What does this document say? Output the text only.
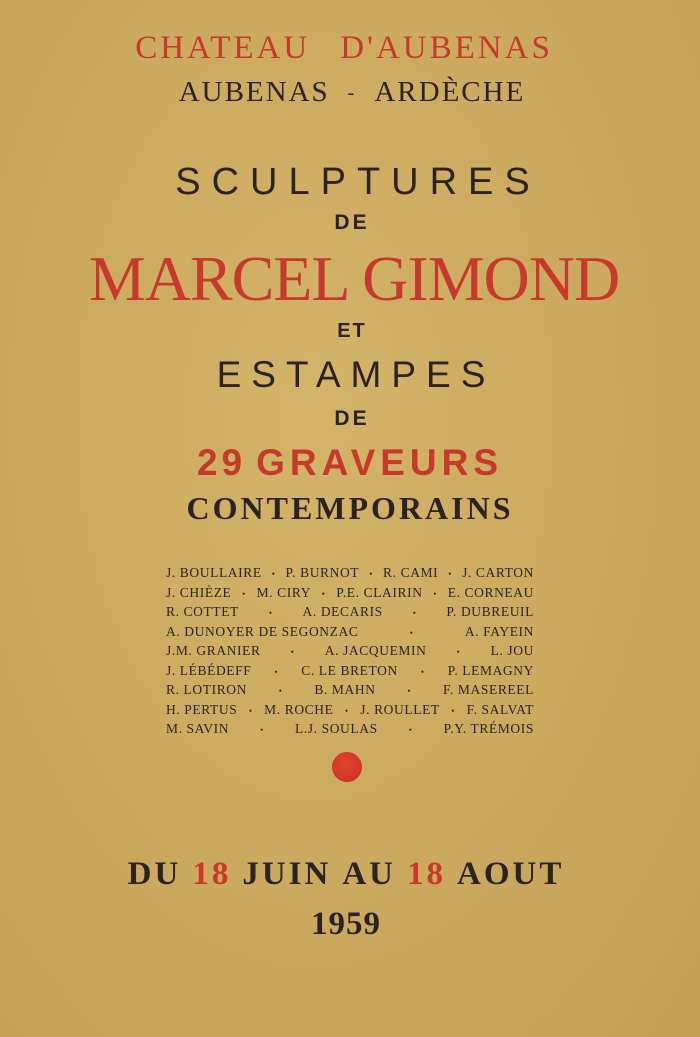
CHATEAU D'AUBENAS
AUBENAS - ARDÈCHE
SCULPTURES
DE
MARCEL GIMOND
ET
ESTAMPES
DE
29 GRAVEURS
CONTEMPORAINS
J. BOULLAIRE • P. BURNOT • R. CAMI • J. CARTON
J. CHIÈZE • M. CIRY • P.E. CLAIRIN • E. CORNEAU
R. COTTET	• A. DECARIS	• P. DUBREUIL
A. DUNOYER DE SEGONZAC	•	A. FAYEIN
J.M. GRANIER	• A. JACQUEMIN	• L. JOU
J. LÉBÉDEFF	• C. LE BRETON	• P. LEMAGNY
R. LOTIRON	• B. MAHN	• F. MASEREEL
H. PERTUS • M. ROCHE • J. ROULLET • F. SALVAT
M. SAVIN	• L.J. SOULAS	• P.Y. TRÉMOIS
DU 18 JUIN AU 18 AOUT
1959
